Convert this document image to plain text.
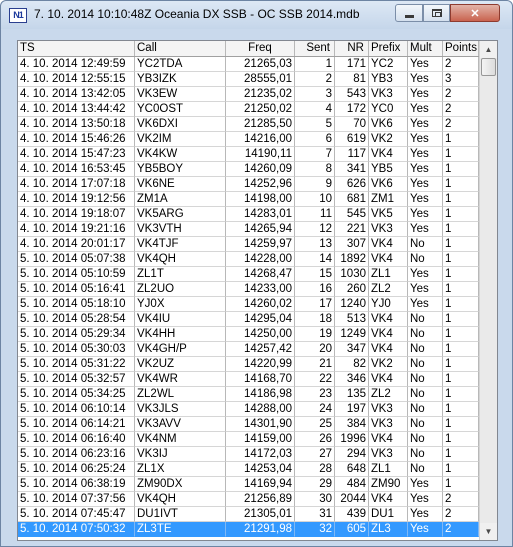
N1 7. 10. 2014 10:10:48Z Oceania DX SSB - OC SSB 2014.mdb	✕
TS	Call	Freq	Sent	NR Prefix Mult	Points
4. 10. 2014 12:49:59 YC2TDA	21265,03	1	171 YC2	Yes	2
4. 10. 2014 12:55:15 YB3IZK	28555,01	2	81 YB3	Yes	3
4. 10. 2014 13:42:05 VK3EW	21235,02	3	543 VK3	Yes	2
4. 10. 2014 13:44:42 YC0OST	21250,02	4	172 YC0	Yes	2
4. 10. 2014 13:50:18 VK6DXI	21285,50	5	70 VK6	Yes	2
4. 10. 2014 15:46:26 VK2IM	14216,00	6	619 VK2	Yes	1
4. 10. 2014 15:47:23 VK4KW	14190,11	7	117 VK4	Yes	1
4. 10. 2014 16:53:45 YB5BOY	14260,09	8	341 YB5	Yes	1
4. 10. 2014 17:07:18 VK6NE	14252,96	9	626 VK6	Yes	1
4. 10. 2014 19:12:56 ZM1A	14198,00	10	681 ZM1	Yes	1
4. 10. 2014 19:18:07 VK5ARG	14283,01	11	545 VK5	Yes	1
4. 10. 2014 19:21:16 VK3VTH	14265,94	12	221 VK3	Yes	1
4. 10. 2014 20:01:17 VK4TJF	14259,97	13	307 VK4	No	1
5. 10. 2014 05:07:38 VK4QH	14228,00	14 1892 VK4	No	1
5. 10. 2014 05:10:59 ZL1T	14268,47	15 1030 ZL1	Yes	1
5. 10. 2014 05:16:41 ZL2UO	14233,00	16	260 ZL2	Yes	1
5. 10. 2014 05:18:10 YJ0X	14260,02	17 1240 YJ0	Yes	1
5. 10. 2014 05:28:54 VK4IU	14295,04	18	513 VK4	No	1
5. 10. 2014 05:29:34 VK4HH	14250,00	19 1249 VK4	No	1
5. 10. 2014 05:30:03 VK4GH/P	14257,42	20	347 VK4	No	1
5. 10. 2014 05:31:22 VK2UZ	14220,99	21	82 VK2	No	1
5. 10. 2014 05:32:57 VK4WR	14168,70	22	346 VK4	No	1
5. 10. 2014 05:34:25 ZL2WL	14186,98	23	135 ZL2	No	1
5. 10. 2014 06:10:14 VK3JLS	14288,00	24	197 VK3	No	1
5. 10. 2014 06:14:21 VK3AVV	14301,90	25	384 VK3	No	1
5. 10. 2014 06:16:40 VK4NM	14159,00	26 1996 VK4	No	1
5. 10. 2014 06:23:16 VK3IJ	14172,03	27	294 VK3	No	1
5. 10. 2014 06:25:24 ZL1X	14253,04	28	648 ZL1	No	1
5. 10. 2014 06:38:19 ZM90DX	14169,94	29	484 ZM90 Yes	1
5. 10. 2014 07:37:56 VK4QH	21256,89	30 2044 VK4	Yes	2
5. 10. 2014 07:45:47 DU1IVT	21305,01	31	439 DU1	Yes	2
5. 10. 2014 07:50:32 ZL3TE	21291,98	32	605 ZL3	Yes	2
▲
▼
